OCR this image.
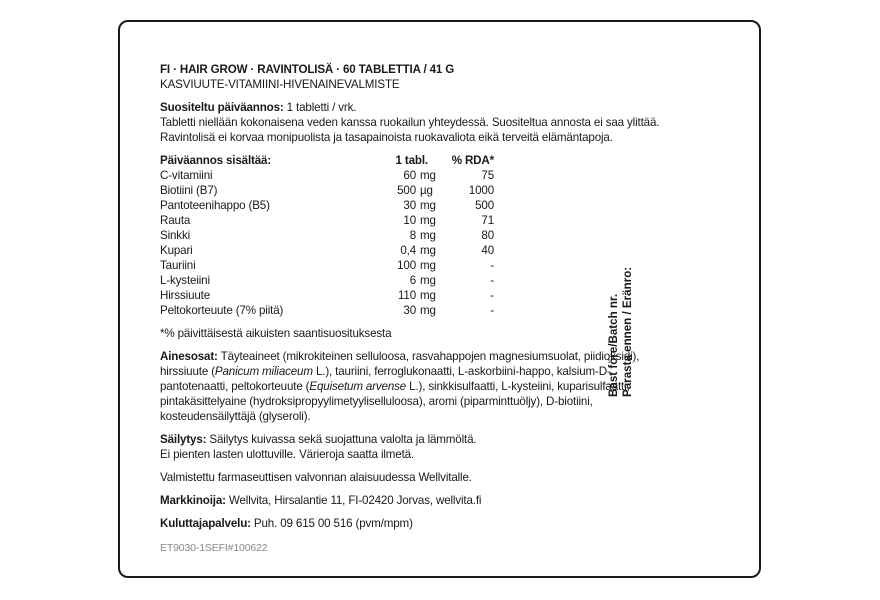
FI · HAIR GROW · RAVINTOLISÄ · 60 TABLETTIA / 41 G

KASVIUUTE-VITAMIINI-HIVENAINEVALMISTE

Suositeltu päiväannos: 1 tabletti / vrk.

Tabletti niellään kokonaisena veden kanssa ruokailun yhteydessä. Suositeltua annosta ei saa ylittää.

Ravintolisä ei korvaa monipuolista ja tasapainoista ruokavaliota eikä terveitä elämäntapoja.

Päiväannos sisältää:	1 tabl.		% RDA*
C-vitamiini	60	mg	75
Biotiini (B7)	500	µg	1000
Pantoteenihappo (B5)	30	mg	500
Rauta	10	mg	71
Sinkki	8	mg	80
Kupari	0,4	mg	40
Tauriini	100	mg	-
L-kysteiini	6	mg	-
Hirssiuute	110	mg	-
Peltokorteuute (7% piitä)	30	mg	-

*% päivittäisestä aikuisten saantisuosituksesta

Ainesosat: Täyteaineet (mikrokiteinen selluloosa, rasvahappojen magnesiumsuolat, piidioksidi), hirssiuute (Panicum miliaceum L.), tauriini, ferroglukonaatti, L-askorbiini-happo, kalsium-D-pantotenaatti, peltokorteuute (Equisetum arvense L.), sinkkisulfaatti, L-kysteiini, kuparisulfaatti, pintakäsittelyaine (hydroksipropyylimetyyliselluloosa), aromi (piparminttuöljy), D-biotiini, kosteudensäilyttäjä (glyseroli).

Säilytys: Säilytys kuivassa sekä suojattuna valolta ja lämmöltä.

Ei pienten lasten ulottuville. Värieroja saatta ilmetä.

Valmistettu farmaseuttisen valvonnan alaisuudessa Wellvitalle.

Markkinoija: Wellvita, Hirsalantie 11, FI-02420 Jorvas, wellvita.fi

Kuluttajapalvelu: Puh. 09 615 00 516 (pvm/mpm)

ET9030-1SEFI#100622

Bäst före/Batch nr. Parasta ennen / Eränro:
